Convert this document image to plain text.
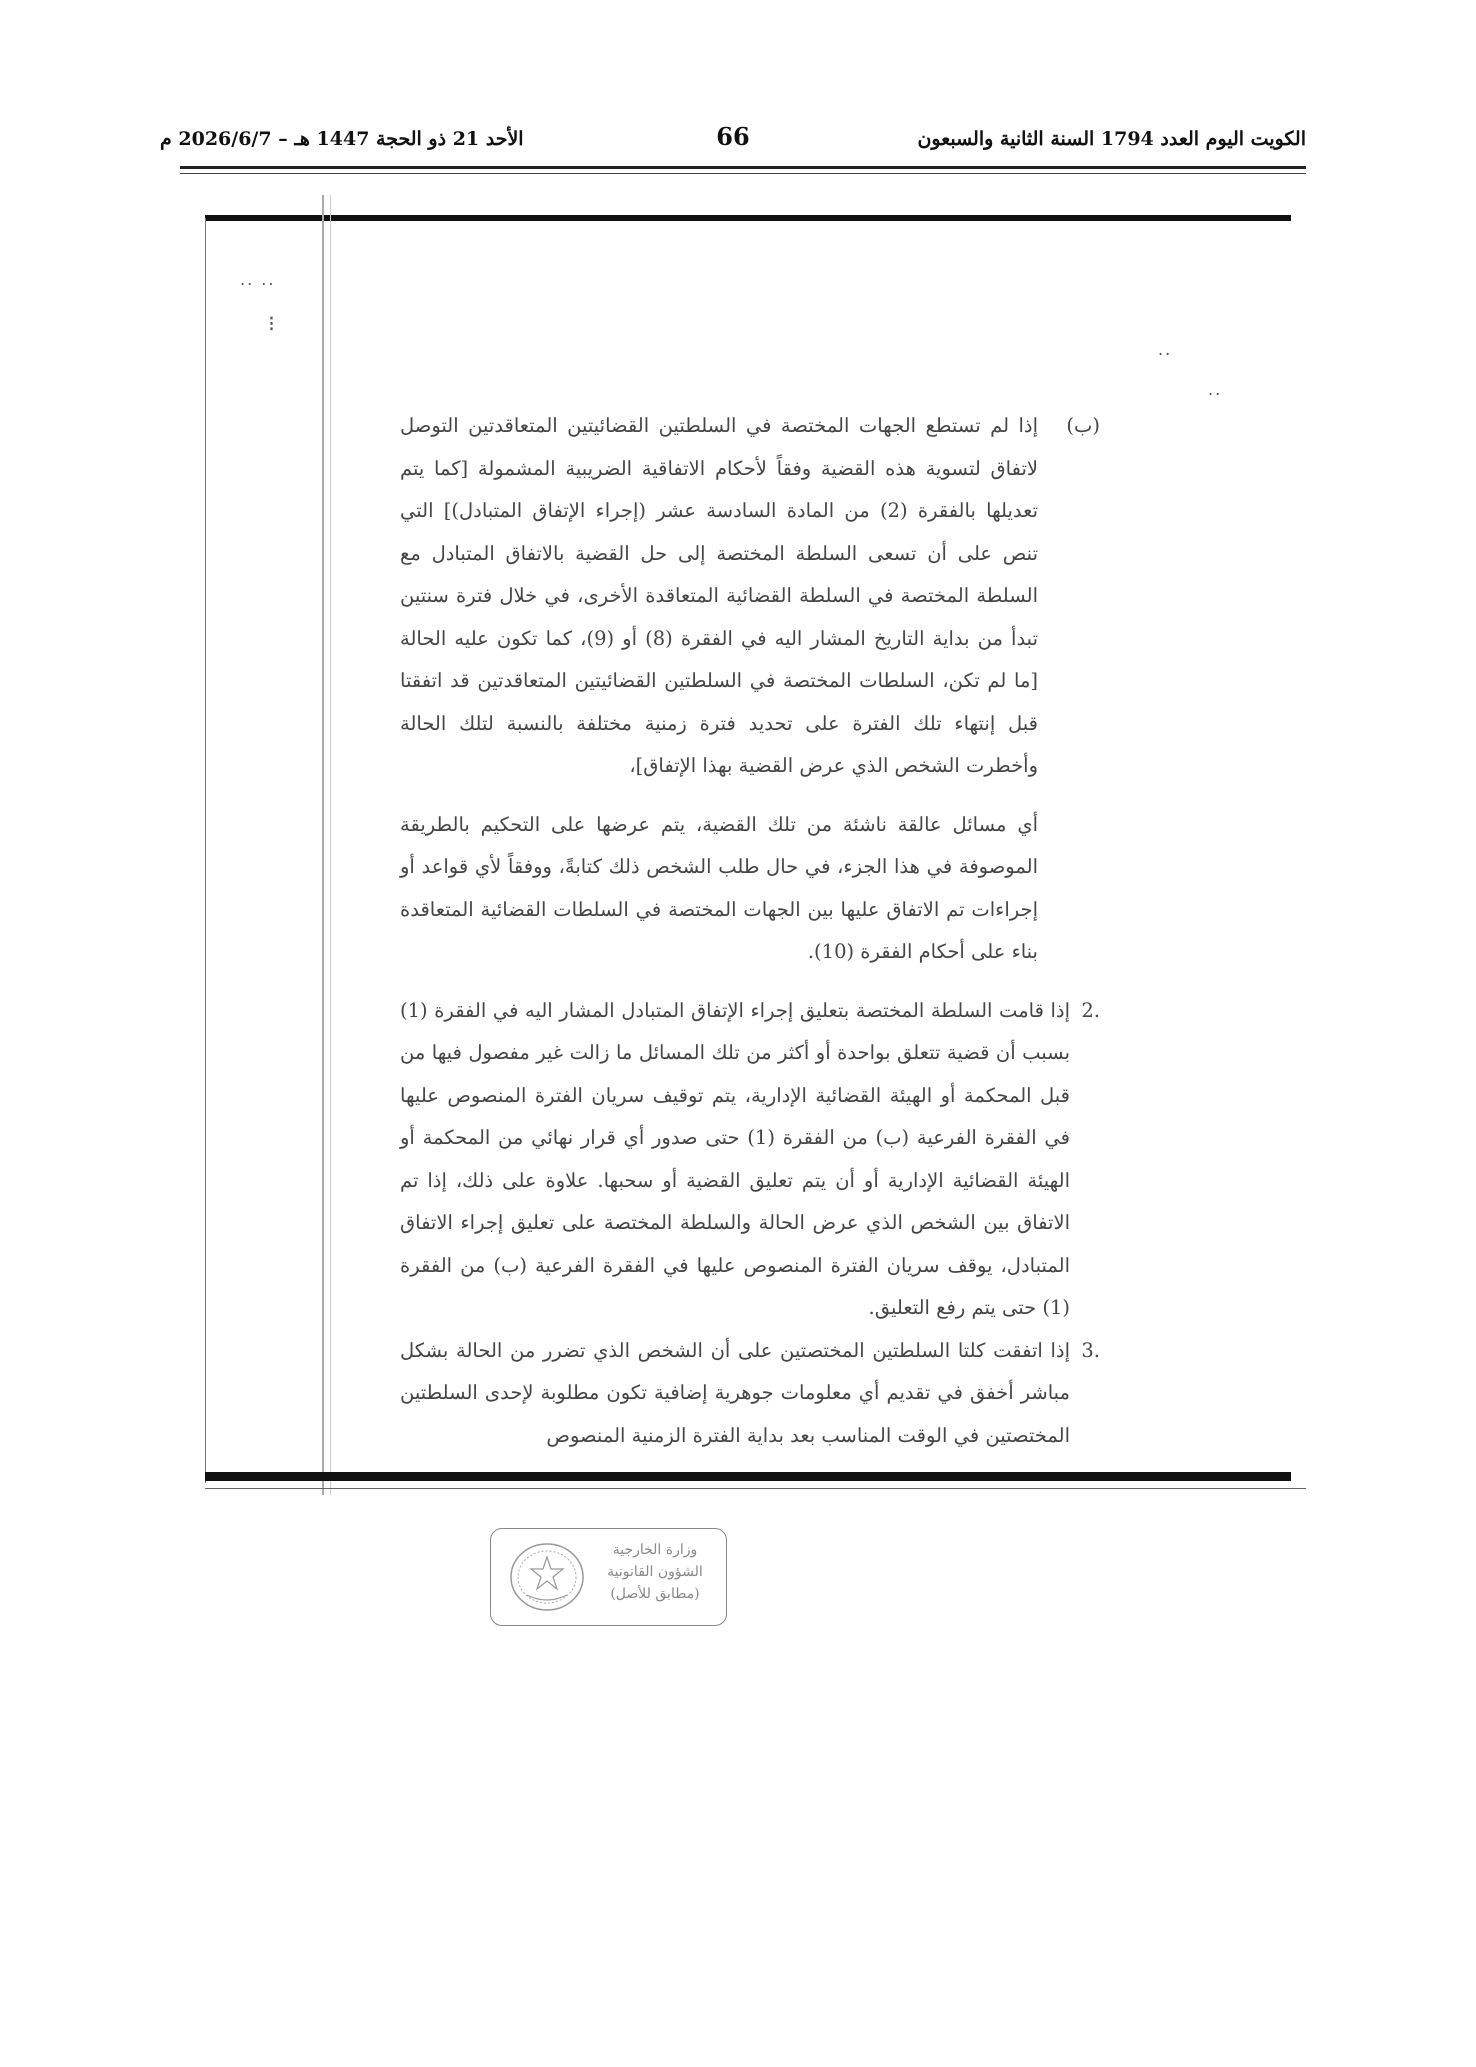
الكويت اليوم العدد 1794 السنة الثانية والسبعون
66
الأحد 21 ذو الحجة 1447 هـ – 2026/6/7 م
.. ..
⁝
..
..

(ب)
إذا لم تستطع الجهات المختصة في السلطتين القضائيتين المتعاقدتين التوصل لاتفاق لتسوية هذه القضية وفقاً لأحكام الاتفاقية الضريبية المشمولة [كما يتم تعديلها بالفقرة (2) من المادة السادسة عشر (إجراء الإتفاق المتبادل)] التي تنص على أن تسعى السلطة المختصة إلى حل القضية بالاتفاق المتبادل مع السلطة المختصة في السلطة القضائية المتعاقدة الأخرى، في خلال فترة سنتين تبدأ من بداية التاريخ المشار اليه في الفقرة (8) أو (9)، كما تكون عليه الحالة [ما لم تكن، السلطات المختصة في السلطتين القضائيتين المتعاقدتين قد اتفقتا قبل إنتهاء تلك الفترة على تحديد فترة زمنية مختلفة بالنسبة لتلك الحالة وأخطرت الشخص الذي عرض القضية بهذا الإتفاق]،

أي مسائل عالقة ناشئة من تلك القضية، يتم عرضها على التحكيم بالطريقة الموصوفة في هذا الجزء، في حال طلب الشخص ذلك كتابةً، ووفقاً لأي قواعد أو إجراءات تم الاتفاق عليها بين الجهات المختصة في السلطات القضائية المتعاقدة بناء على أحكام الفقرة (10).

2.
إذا قامت السلطة المختصة بتعليق إجراء الإتفاق المتبادل المشار اليه في الفقرة (1) بسبب أن قضية تتعلق بواحدة أو أكثر من تلك المسائل ما زالت غير مفصول فيها من قبل المحكمة أو الهيئة القضائية الإدارية، يتم توقيف سريان الفترة المنصوص عليها في الفقرة الفرعية (ب) من الفقرة (1) حتى صدور أي قرار نهائي من المحكمة أو الهيئة القضائية الإدارية أو أن يتم تعليق القضية أو سحبها. علاوة على ذلك، إذا تم الاتفاق بين الشخص الذي عرض الحالة والسلطة المختصة على تعليق إجراء الاتفاق المتبادل، يوقف سريان الفترة المنصوص عليها في الفقرة الفرعية (ب) من الفقرة (1) حتى يتم رفع التعليق.

3.
إذا اتفقت كلتا السلطتين المختصتين على أن الشخص الذي تضرر من الحالة بشكل مباشر أخفق في تقديم أي معلومات جوهرية إضافية تكون مطلوبة لإحدى السلطتين المختصتين في الوقت المناسب بعد بداية الفترة الزمنية المنصوص

وزارة الخارجية
الشؤون القانونية
(مطابق للأصل)
